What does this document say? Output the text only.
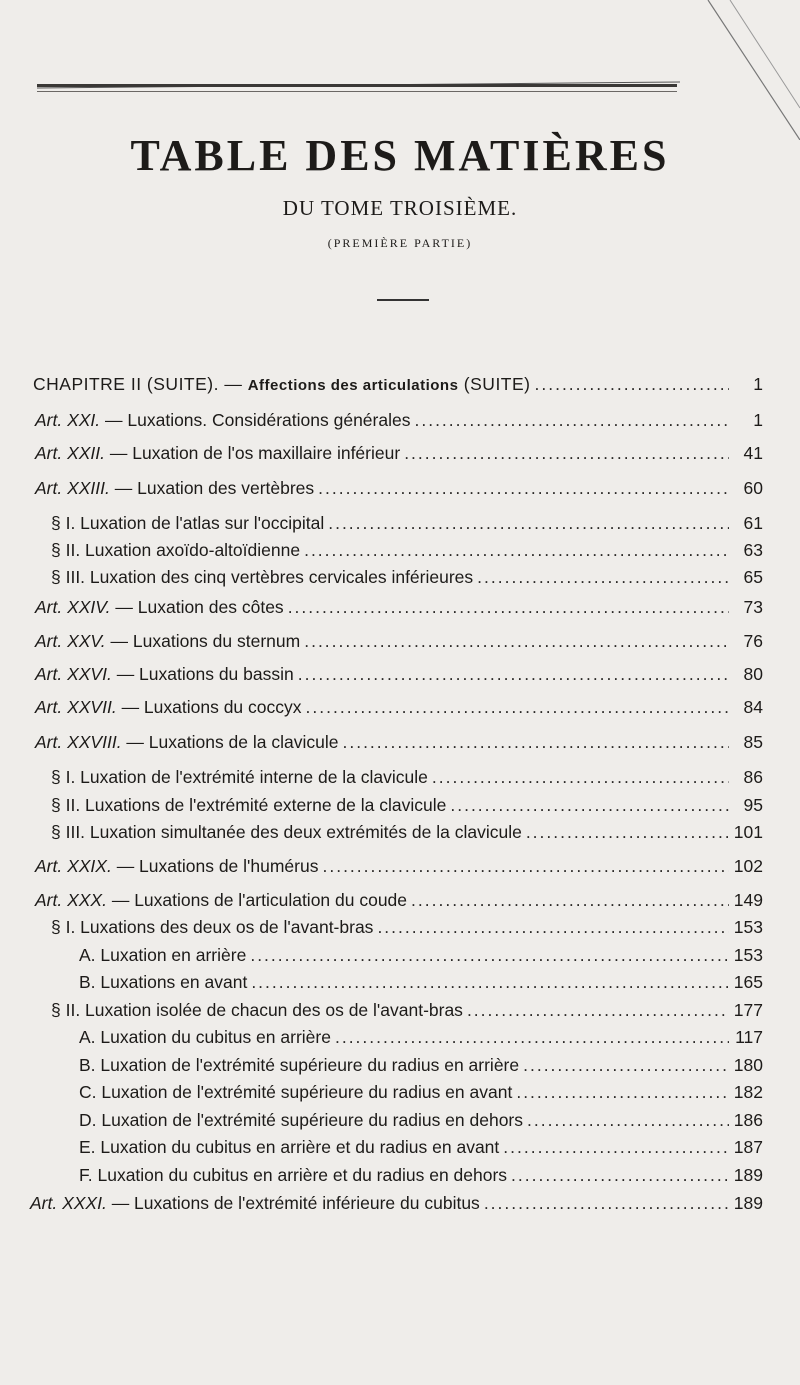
TABLE DES MATIÈRES
DU TOME TROISIÈME.
(PREMIÈRE PARTIE)
CHAPITRE II (SUITE). — Affections des articulations (SUITE) .....	1
Art. XXI. — Luxations. Considérations générales .....	1
Art. XXII. — Luxation de l'os maxillaire inférieur .....	41
Art. XXIII. — Luxation des vertèbres .....	60
§ I. Luxation de l'atlas sur l'occipital .....	61
§ II. Luxation axoïdo-altoïdienne .....	63
§ III. Luxation des cinq vertèbres cervicales inférieures .....	65
Art. XXIV. — Luxation des côtes .....	73
Art. XXV. — Luxations du sternum .....	76
Art. XXVI. — Luxations du bassin .....	80
Art. XXVII. — Luxations du coccyx .....	84
Art. XXVIII. — Luxations de la clavicule .....	85
§ I. Luxation de l'extrémité interne de la clavicule .....	86
§ II. Luxations de l'extrémité externe de la clavicule .....	95
§ III. Luxation simultanée des deux extrémités de la clavicule .....	101
Art. XXIX. — Luxations de l'humérus .....	102
Art. XXX. — Luxations de l'articulation du coude .....	149
§ I. Luxations des deux os de l'avant-bras .....	153
A. Luxation en arrière .....	153
B. Luxations en avant .....	165
§ II. Luxation isolée de chacun des os de l'avant-bras .....	177
A. Luxation du cubitus en arrière .....	117
B. Luxation de l'extrémité supérieure du radius en arrière .....	180
C. Luxation de l'extrémité supérieure du radius en avant .....	182
D. Luxation de l'extrémité supérieure du radius en dehors .....	186
E. Luxation du cubitus en arrière et du radius en avant .....	187
F. Luxation du cubitus en arrière et du radius en dehors .....	189
Art. XXXI. — Luxations de l'extrémité inférieure du cubitus .....	189
